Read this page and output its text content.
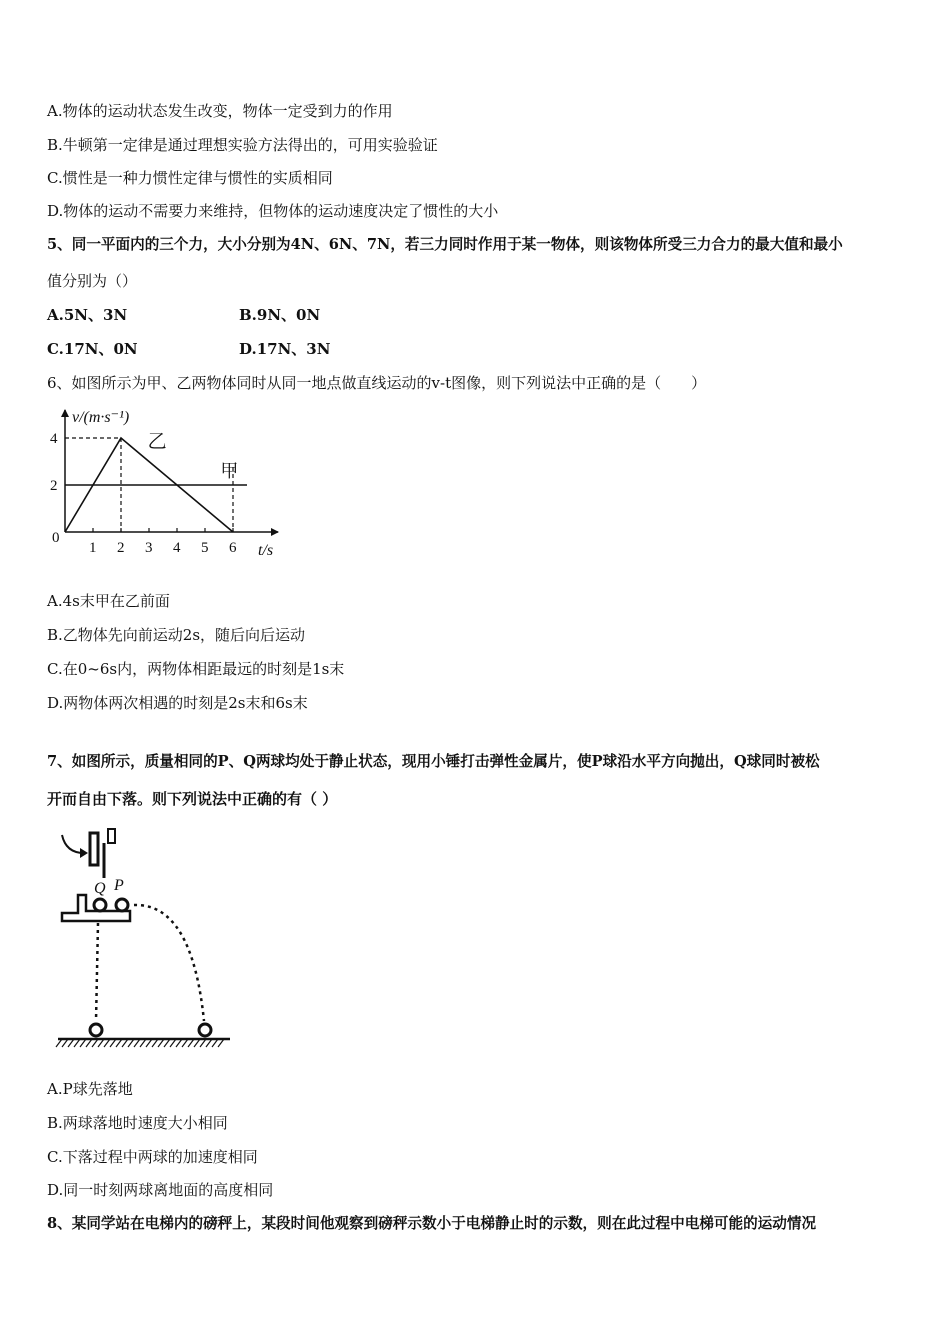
A.物体的运动状态发生改变，物体一定受到力的作用
B.牛顿第一定律是通过理想实验方法得出的，可用实验验证
C.惯性是一种力惯性定律与惯性的实质相同
D.物体的运动不需要力来维持，但物体的运动速度决定了惯性的大小
5、同一平面内的三个力，大小分别为4N、6N、7N，若三力同时作用于某一物体，则该物体所受三力合力的最大值和最小
值分别为（）
A.5N、3N	B.9N、0N
C.17N、0N	D.17N、3N
6、如图所示为甲、乙两物体同时从同一地点做直线运动的v-t图像，则下列说法中正确的是（　　）
v/(m·s⁻¹)
t/s
0
1 2 3 4 5 6
2
4	乙
甲
A.4s末甲在乙前面
B.乙物体先向前运动2s，随后向后运动
C.在0~6s内，两物体相距最远的时刻是1s末
D.两物体两次相遇的时刻是2s末和6s末
7、如图所示，质量相同的P、Q两球均处于静止状态，现用小锤打击弹性金属片，使P球沿水平方向抛出，Q球同时被松
开而自由下落。则下列说法中正确的有（ ）
Q P
A.P球先落地
B.两球落地时速度大小相同
C.下落过程中两球的加速度相同
D.同一时刻两球离地面的高度相同
8、某同学站在电梯内的磅秤上，某段时间他观察到磅秤示数小于电梯静止时的示数，则在此过程中电梯可能的运动情况
